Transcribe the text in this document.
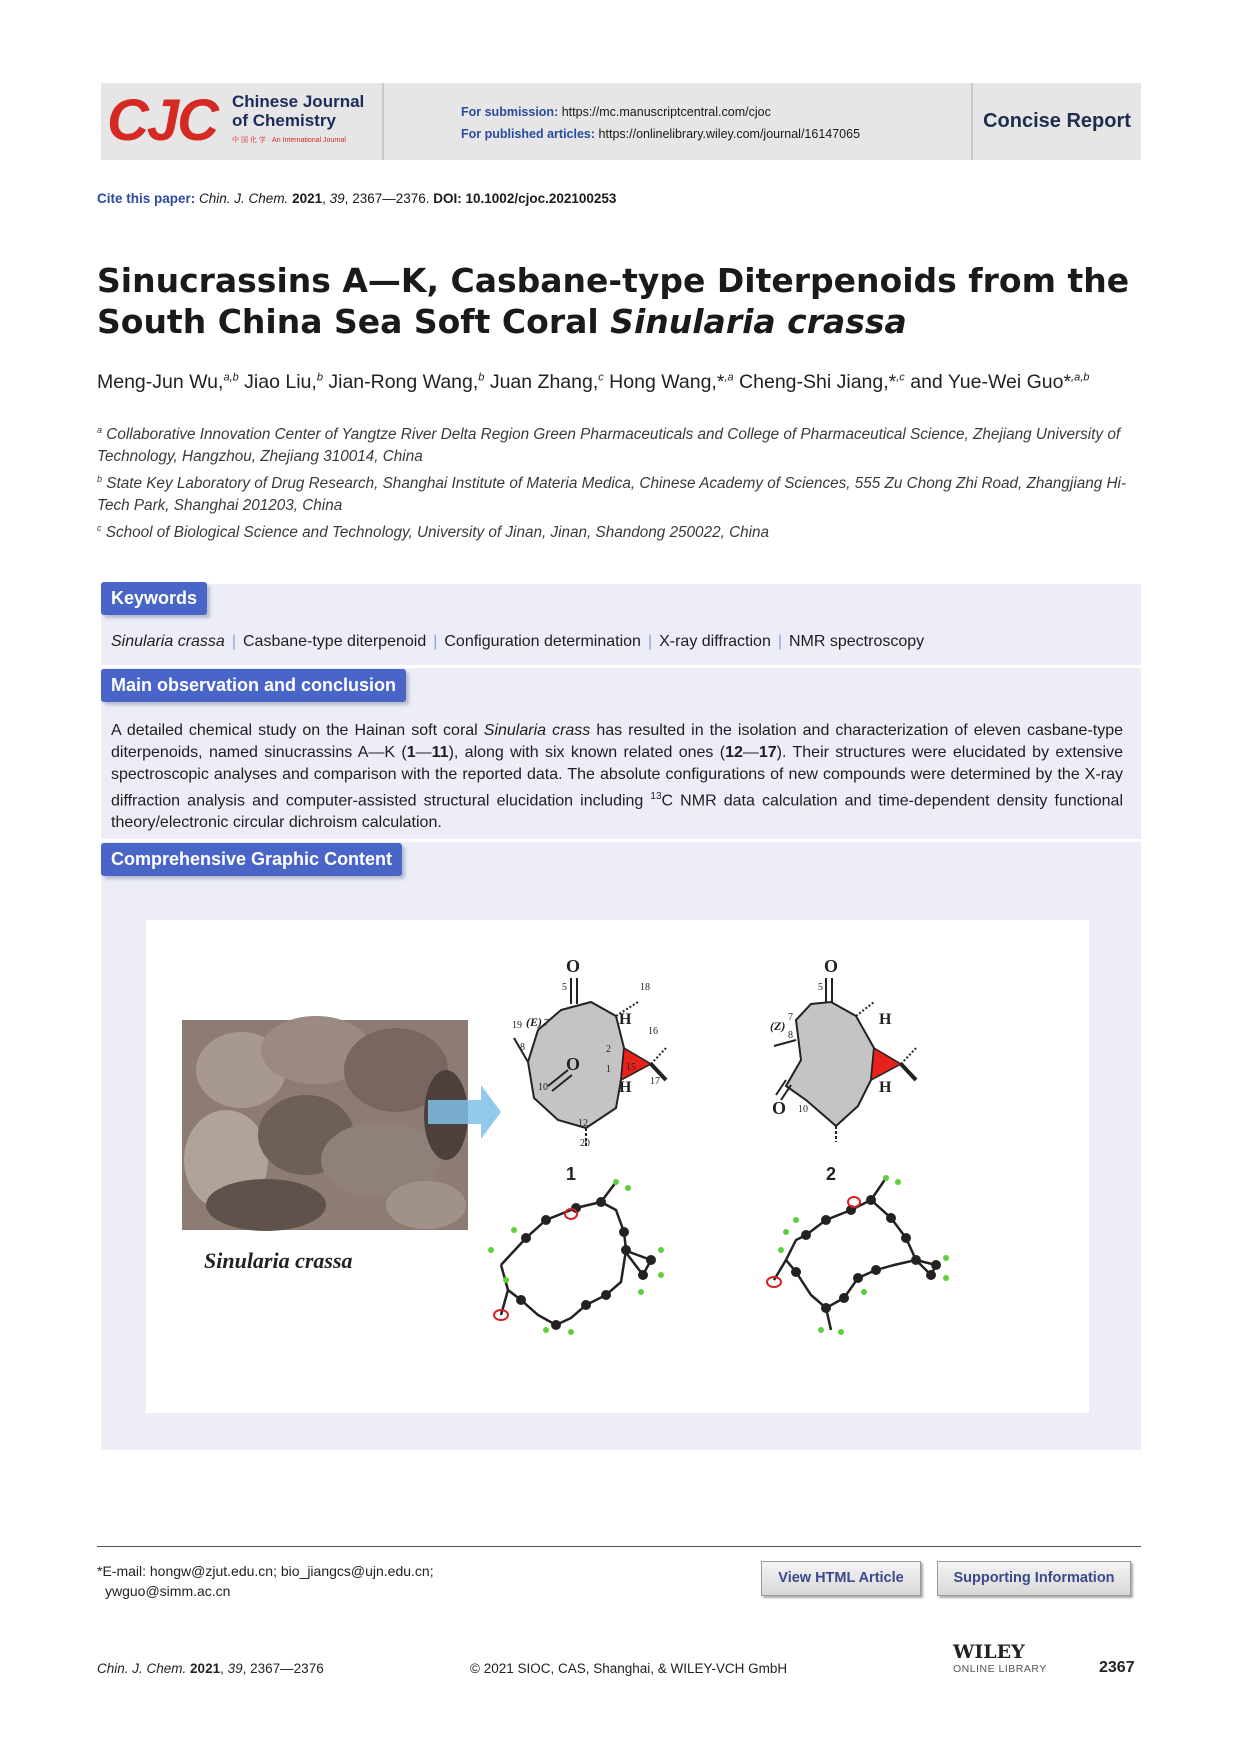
CJC Chinese Journal
of Chemistry
中 国 化 学 · An International Journal
For submission: https://mc.manuscriptcentral.com/cjoc
For published articles: https://onlinelibrary.wiley.com/journal/16147065
Concise Report
Cite this paper: Chin. J. Chem. 2021, 39, 2367—2376. DOI: 10.1002/cjoc.202100253
Sinucrassins A—K, Casbane-type Diterpenoids from the South China Sea Soft Coral Sinularia crassa
Meng-Jun Wu,$^{a,b}$ Jiao Liu,$^b$ Jian-Rong Wang,$^b$ Juan Zhang,$^c$ Hong Wang,*$^{,a}$ Cheng-Shi Jiang,*$^{,c}$ and Yue-Wei Guo*$^{,a,b}$
$^a$ Collaborative Innovation Center of Yangtze River Delta Region Green Pharmaceuticals and College of Pharmaceutical Science, Zhejiang University of Technology, Hangzhou, Zhejiang 310014, China
$^b$ State Key Laboratory of Drug Research, Shanghai Institute of Materia Medica, Chinese Academy of Sciences, 555 Zu Chong Zhi Road, Zhangjiang Hi-Tech Park, Shanghai 201203, China
$^c$ School of Biological Science and Technology, University of Jinan, Jinan, Shandong 250022, China
Keywords
Sinularia crassa | Casbane-type diterpenoid | Configuration determination | X-ray diffraction | NMR spectroscopy
Main observation and conclusion
A detailed chemical study on the Hainan soft coral Sinularia crass has resulted in the isolation and characterization of eleven casbane-type diterpenoids, named sinucrassins A—K (1—11), along with six known related ones (12—17). Their structures were elucidated by extensive spectroscopic analyses and comparison with the reported data. The absolute configurations of new compounds were determined by the X-ray diffraction analysis and computer-assisted structural elucidation including $^{13}$C NMR data calculation and time-dependent density functional theory/electronic circular dichroism calculation.
Comprehensive Graphic Content
Sinularia crassa
O
5	18
19 (E) 7
8
H
16
2
1 15
17
H
10
O
12
20
1
O
5
(Z)
7
8
H
H
O 10
2
*E-mail: hongw@zjut.edu.cn; bio_jiangcs@ujn.edu.cn;
ywguo@simm.ac.cn
View HTML Article	Supporting Information
Chin. J. Chem. 2021, 39, 2367—2376	© 2021 SIOC, CAS, Shanghai, & WILEY-VCH GmbH
WILEY
ONLINE LIBRARY	2367
